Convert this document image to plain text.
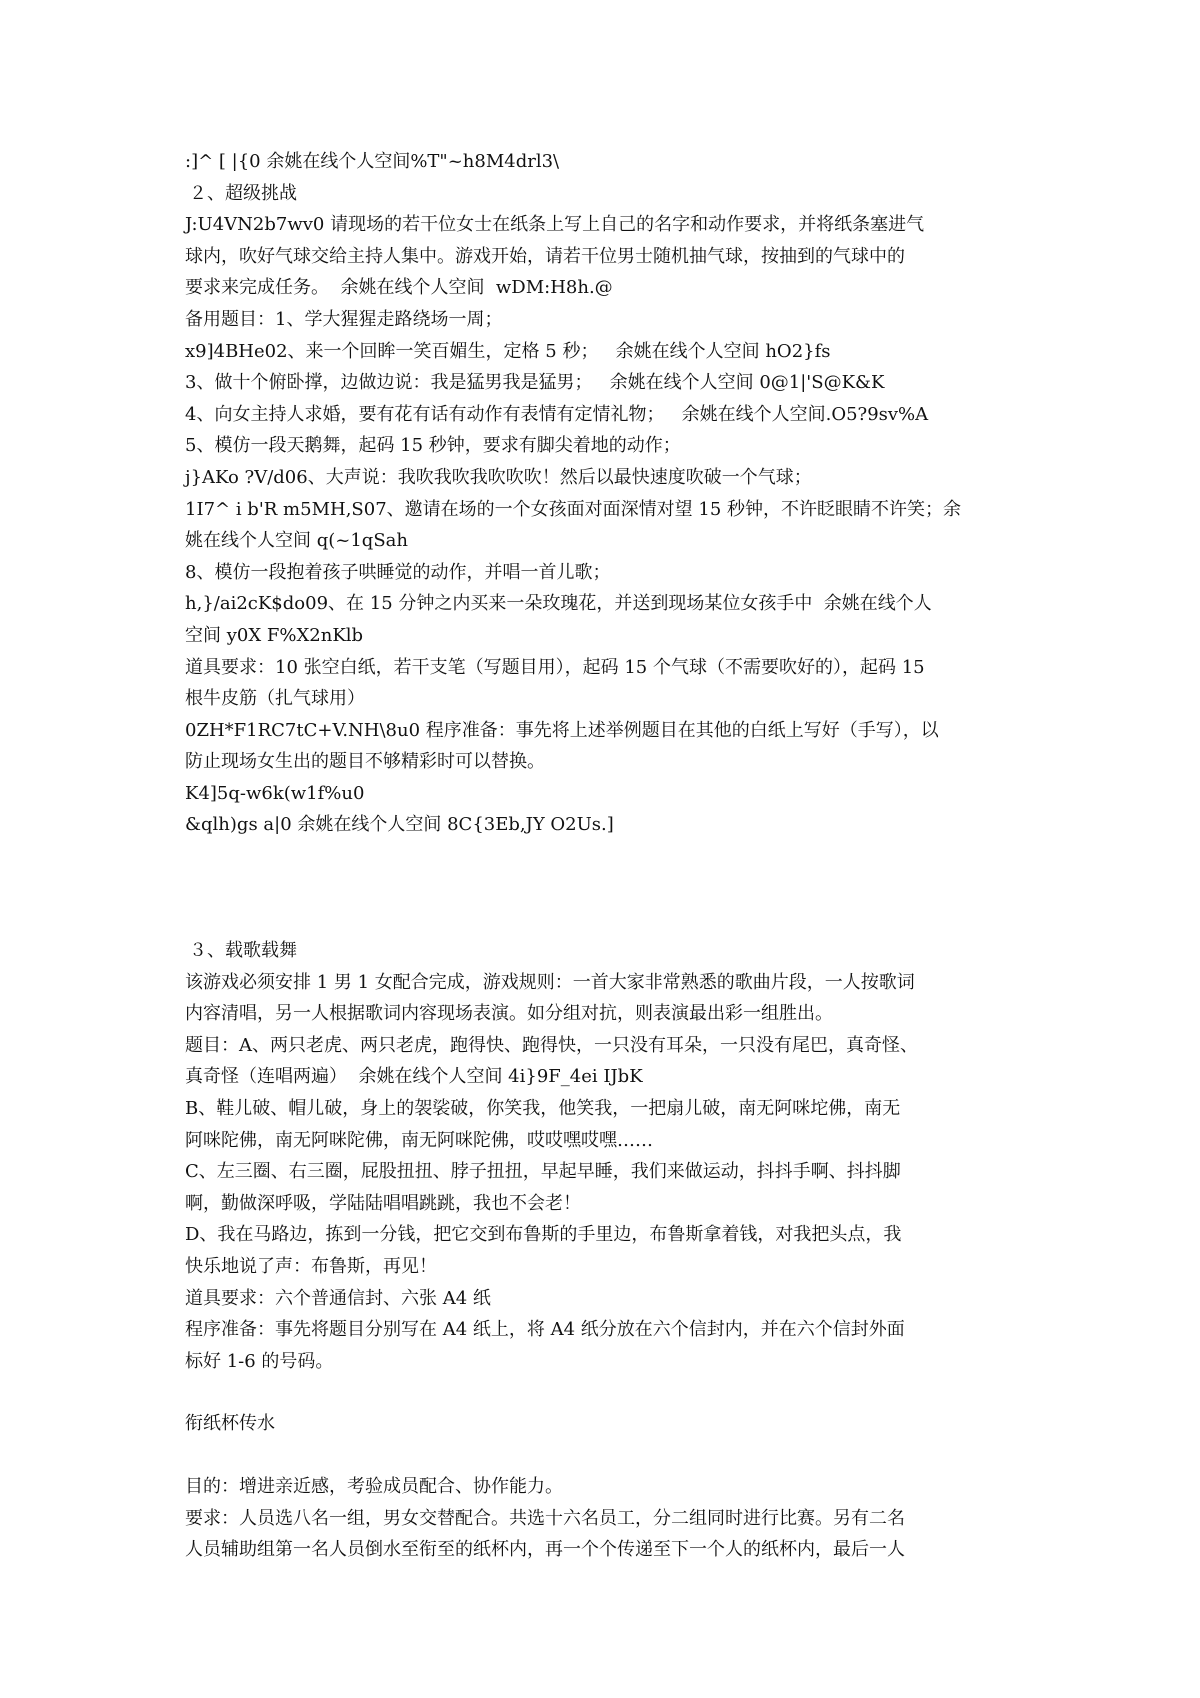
:]^ [ |{0 余姚在线个人空间%T"~h8M4drl3\
２、超级挑战
J:U4VN2b7wv0 请现场的若干位女士在纸条上写上自己的名字和动作要求，并将纸条塞进气
球内，吹好气球交给主持人集中。游戏开始，请若干位男士随机抽气球，按抽到的气球中的
要求来完成任务。  余姚在线个人空间  wDM:H8h.@
备用题目：1、学大猩猩走路绕场一周；
x9]4BHe02、来一个回眸一笑百媚生，定格 5 秒；   余姚在线个人空间 hO2}fs
3、做十个俯卧撑，边做边说：我是猛男我是猛男；   余姚在线个人空间 0@1|'S@K&K
4、向女主持人求婚，要有花有话有动作有表情有定情礼物；   余姚在线个人空间.O5?9sv%A
5、模仿一段天鹅舞，起码 15 秒钟，要求有脚尖着地的动作；
j}AKo ?V/d06、大声说：我吹我吹我吹吹吹！然后以最快速度吹破一个气球；
1I7^ i b'R m5MH,S07、邀请在场的一个女孩面对面深情对望 15 秒钟，不许眨眼睛不许笑；余
姚在线个人空间 q(~1qSah
8、模仿一段抱着孩子哄睡觉的动作，并唱一首儿歌；
h,}/ai2cK$do09、在 15 分钟之内买来一朵玫瑰花，并送到现场某位女孩手中  余姚在线个人
空间 y0X F%X2nKlb
道具要求：10 张空白纸，若干支笔（写题目用），起码 15 个气球（不需要吹好的），起码 15
根牛皮筋（扎气球用）
0ZH*F1RC7tC+V.NH\8u0 程序准备：事先将上述举例题目在其他的白纸上写好（手写），以
防止现场女生出的题目不够精彩时可以替换。
K4]5q-w6k(w1f%u0
&qlh)gs a|0 余姚在线个人空间 8C{3Eb,JY O2Us.]
３、载歌载舞
该游戏必须安排 1 男 1 女配合完成，游戏规则：一首大家非常熟悉的歌曲片段，一人按歌词
内容清唱，另一人根据歌词内容现场表演。如分组对抗，则表演最出彩一组胜出。
题目：A、两只老虎、两只老虎，跑得快、跑得快，一只没有耳朵，一只没有尾巴，真奇怪、
真奇怪（连唱两遍）  余姚在线个人空间 4i}9F_4ei IJbK
B、鞋儿破、帽儿破，身上的袈裟破，你笑我，他笑我，一把扇儿破，南无阿咪坨佛，南无
阿咪陀佛，南无阿咪陀佛，南无阿咪陀佛，哎哎嘿哎嘿……
C、左三圈、右三圈，屁股扭扭、脖子扭扭，早起早睡，我们来做运动，抖抖手啊、抖抖脚
啊，勤做深呼吸，学陆陆唱唱跳跳，我也不会老！
D、我在马路边，拣到一分钱，把它交到布鲁斯的手里边，布鲁斯拿着钱，对我把头点，我
快乐地说了声：布鲁斯，再见！
道具要求：六个普通信封、六张 A4 纸
程序准备：事先将题目分别写在 A4 纸上，将 A4 纸分放在六个信封内，并在六个信封外面
标好 1-6 的号码。
衔纸杯传水
目的：增进亲近感，考验成员配合、协作能力。
要求：人员选八名一组，男女交替配合。共选十六名员工，分二组同时进行比赛。另有二名
人员辅助组第一名人员倒水至衔至的纸杯内，再一个个传递至下一个人的纸杯内，最后一人
